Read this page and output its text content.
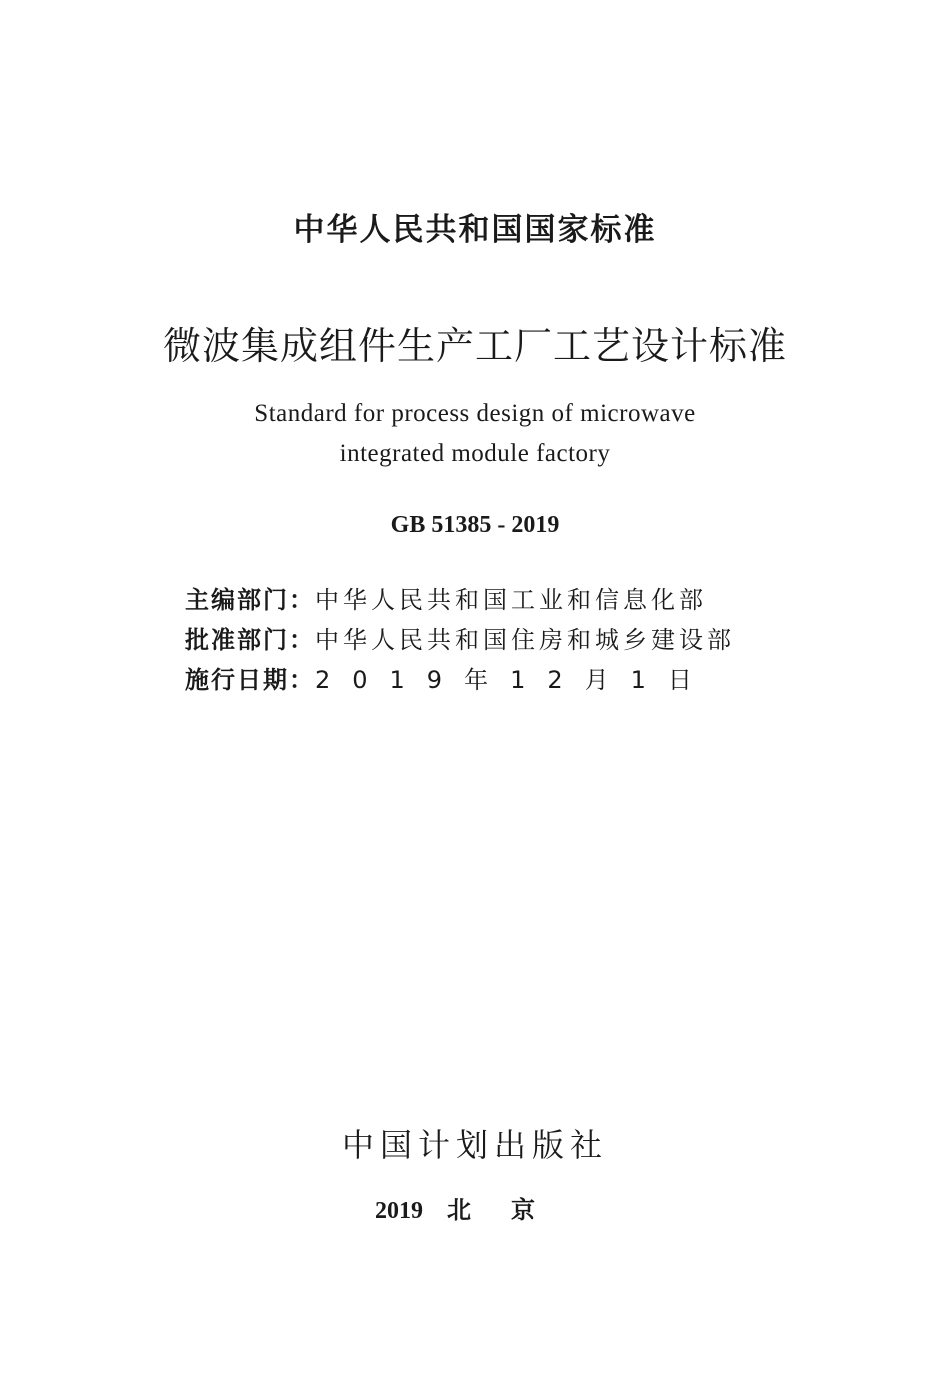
中华人民共和国国家标准
微波集成组件生产工厂工艺设计标准
Standard for process design of microwave
integrated module factory
GB 51385 - 2019
主编部门：中华人民共和国工业和信息化部
批准部门：中华人民共和国住房和城乡建设部
施行日期：2019年12月1日
中国计划出版社
2019 北京
